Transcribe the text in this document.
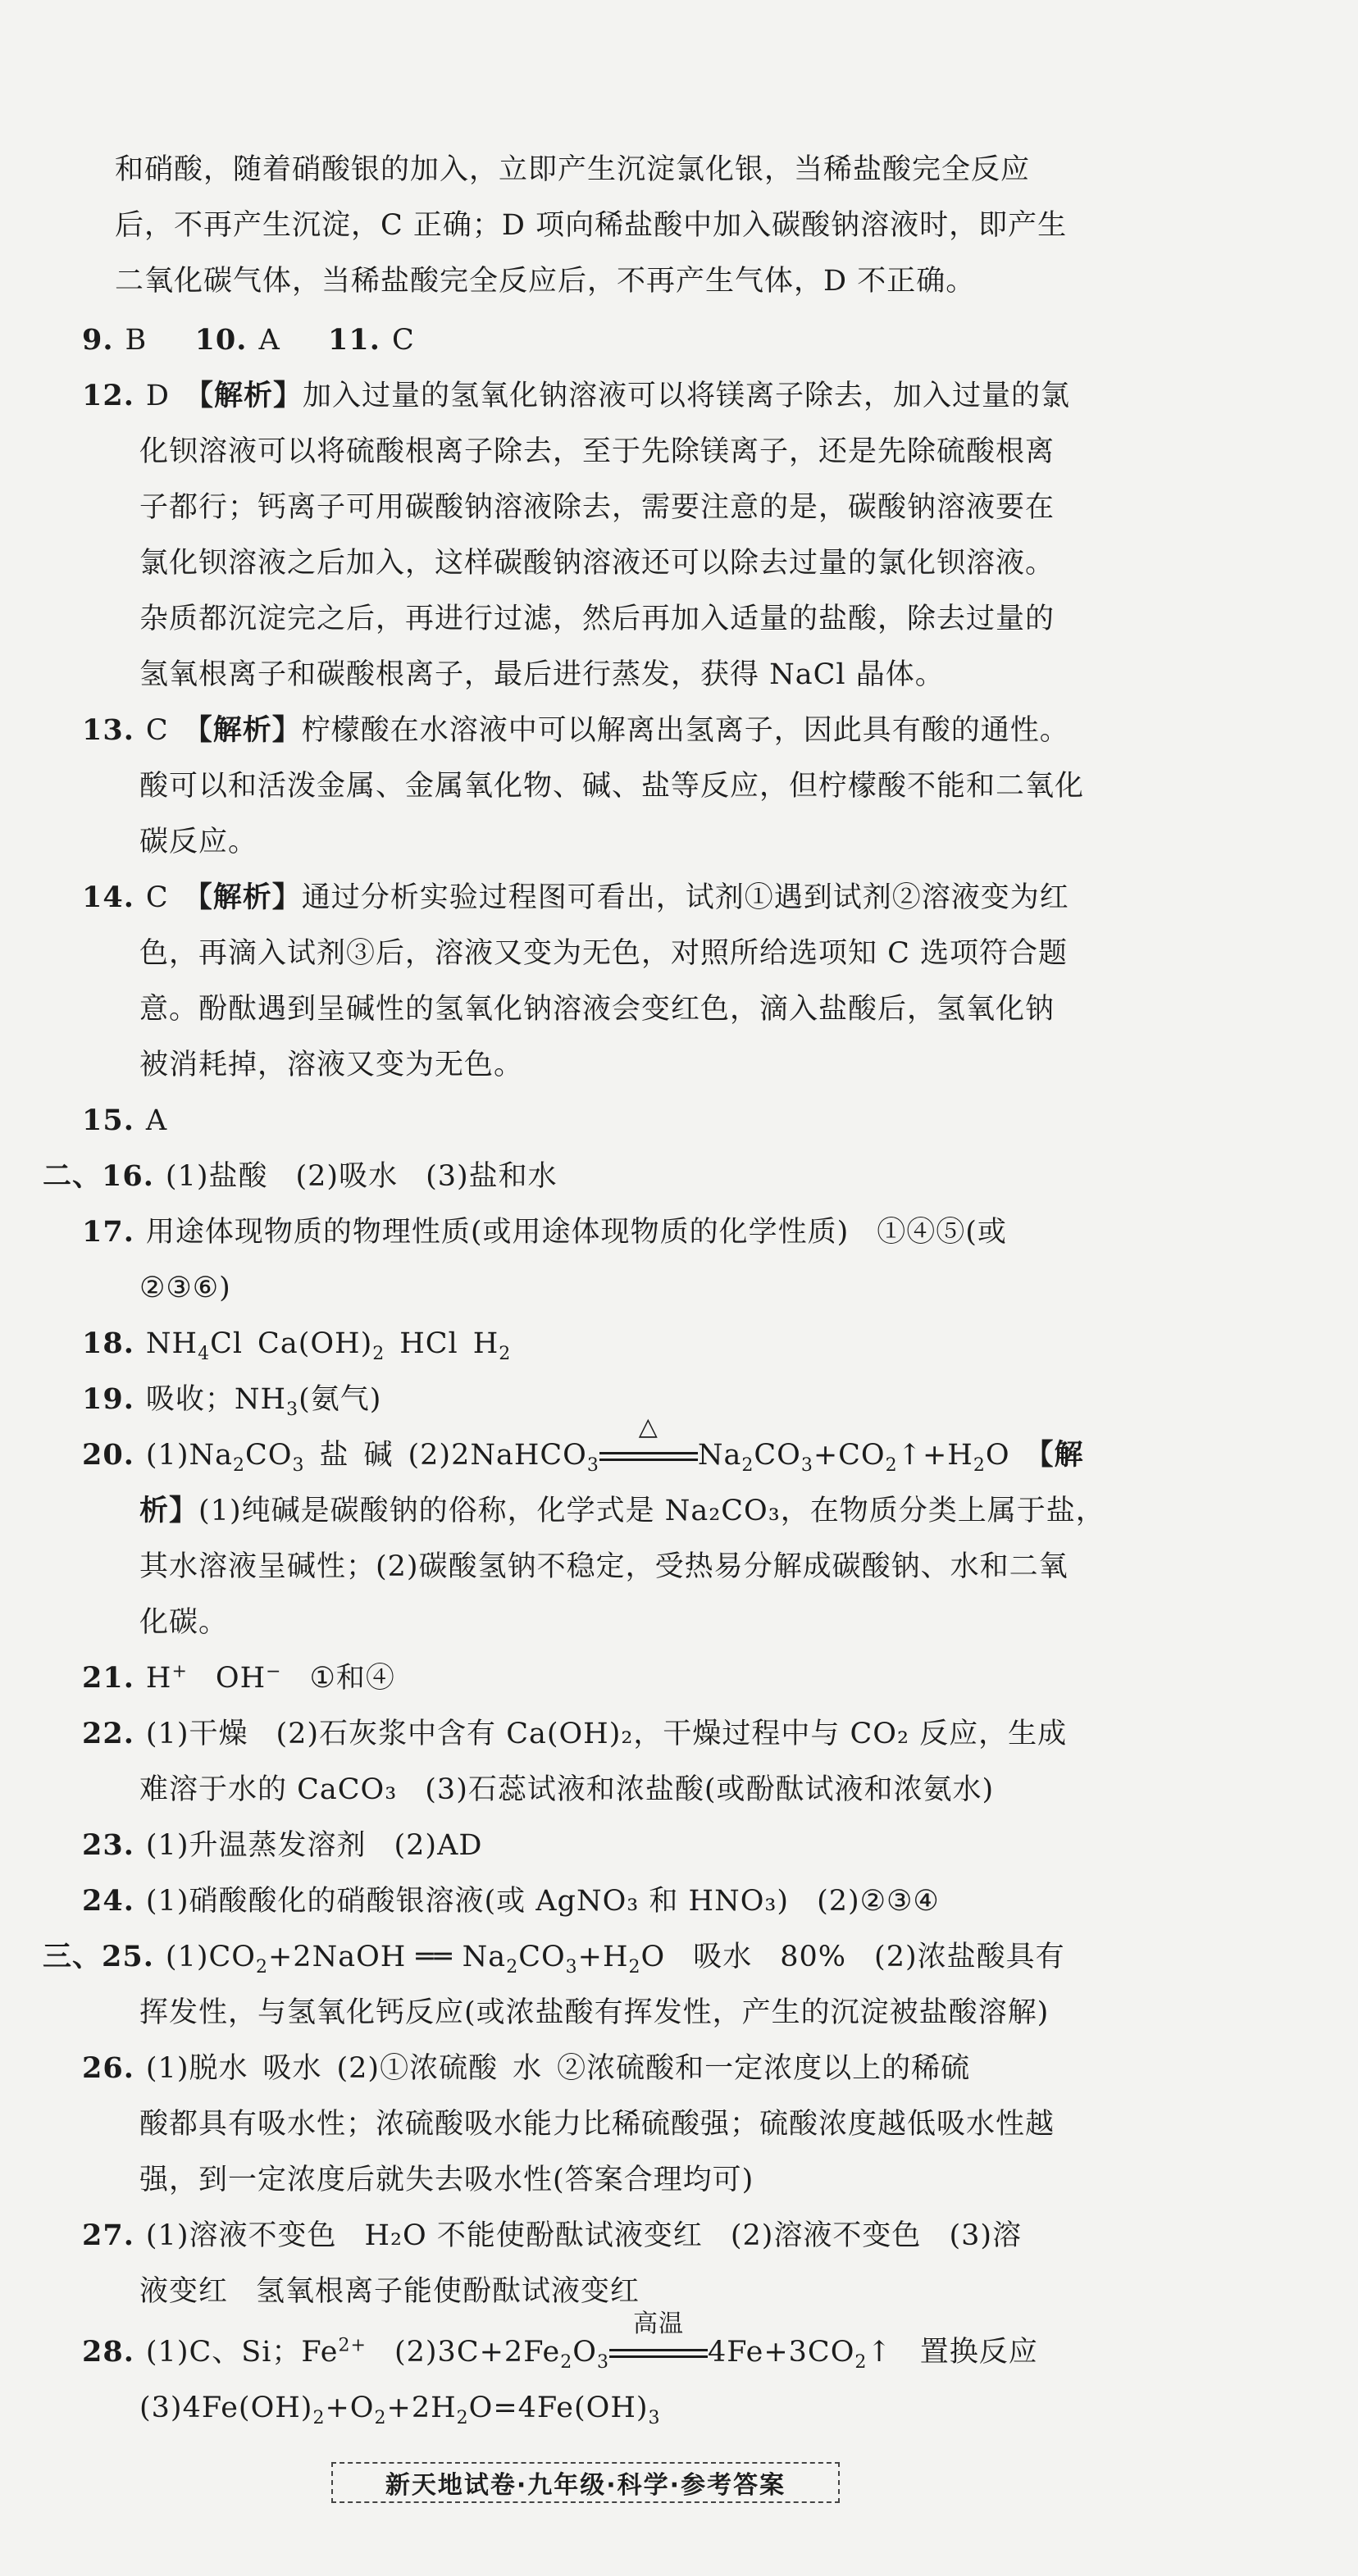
和硝酸，随着硝酸银的加入，立即产生沉淀氯化银，当稀盐酸完全反应
后，不再产生沉淀，C 正确；D 项向稀盐酸中加入碳酸钠溶液时，即产生
二氧化碳气体，当稀盐酸完全反应后，不再产生气体，D 不正确。
9. B 10. A 11. C
12. D 【解析】加入过量的氢氧化钠溶液可以将镁离子除去，加入过量的氯
化钡溶液可以将硫酸根离子除去，至于先除镁离子，还是先除硫酸根离
子都行；钙离子可用碳酸钠溶液除去，需要注意的是，碳酸钠溶液要在
氯化钡溶液之后加入，这样碳酸钠溶液还可以除去过量的氯化钡溶液。
杂质都沉淀完之后，再进行过滤，然后再加入适量的盐酸，除去过量的
氢氧根离子和碳酸根离子，最后进行蒸发，获得 NaCl 晶体。
13. C 【解析】柠檬酸在水溶液中可以解离出氢离子，因此具有酸的通性。
酸可以和活泼金属、金属氧化物、碱、盐等反应，但柠檬酸不能和二氧化
碳反应。
14. C 【解析】通过分析实验过程图可看出，试剂①遇到试剂②溶液变为红
色，再滴入试剂③后，溶液又变为无色，对照所给选项知 C 选项符合题
意。酚酞遇到呈碱性的氢氧化钠溶液会变红色，滴入盐酸后，氢氧化钠
被消耗掉，溶液又变为无色。
15. A
二、16. (1)盐酸 (2)吸水 (3)盐和水
17. 用途体现物质的物理性质(或用途体现物质的化学性质) ①④⑤(或
②③⑥)
18. $NH_4Cl$ $Ca(OH)_2$ HCl $H_2$
19. 吸收；$NH_3$(氨气)
20. $(1)Na_2CO_3$ 盐 碱 (2)2NaHCO$_3$
△
$Na_2CO_3+CO_2↑+H_2O$ 【解
析】(1)纯碱是碳酸钠的俗称，化学式是 Na₂CO₃，在物质分类上属于盐，
其水溶液呈碱性；(2)碳酸氢钠不稳定，受热易分解成碳酸钠、水和二氧
化碳。
21. H+ OH− ①和④
22. (1)干燥 (2)石灰浆中含有 Ca(OH)₂，干燥过程中与 CO₂ 反应，生成
难溶于水的 CaCO₃ (3)石蕊试液和浓盐酸(或酚酞试液和浓氨水)
23. (1)升温蒸发溶剂 (2)AD
24. (1)硝酸酸化的硝酸银溶液(或 AgNO₃ 和 HNO₃) (2)②③④
三、25. $(1)CO_2+2NaOH$ ══ $Na_2CO_3+H_2O$ 吸水 80% (2)浓盐酸具有
挥发性，与氢氧化钙反应(或浓盐酸有挥发性，产生的沉淀被盐酸溶解)
26. (1)脱水 吸水 (2)①浓硫酸 水 ②浓硫酸和一定浓度以上的稀硫
酸都具有吸水性；浓硫酸吸水能力比稀硫酸强；硫酸浓度越低吸水性越
强，到一定浓度后就失去吸水性(答案合理均可)
27. (1)溶液不变色 H₂O 不能使酚酞试液变红 (2)溶液不变色 (3)溶
液变红 氢氧根离子能使酚酞试液变红
28. (1)C、Si；$Fe^{2+}$ $(2)3C+2Fe_2O_3$
高温
$4Fe+3CO_2↑$ 置换反应
$(3)4Fe(OH)_2+O_2+2H_2O=4Fe(OH)_3$
新天地试卷·九年级·科学·参考答案
